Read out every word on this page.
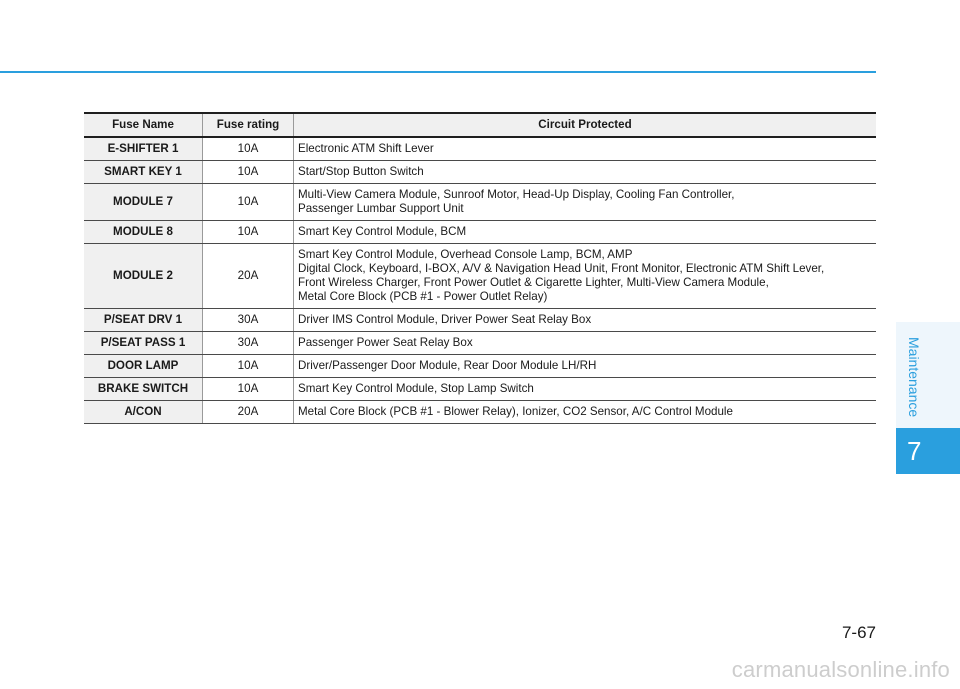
Fuse Name	Fuse rating	Circuit Protected
E-SHIFTER 1	10A	Electronic ATM Shift Lever
SMART KEY 1	10A	Start/Stop Button Switch
MODULE 7	10A	Multi-View Camera Module, Sunroof Motor, Head-Up Display, Cooling Fan Controller,
Passenger Lumbar Support Unit
MODULE 8	10A	Smart Key Control Module, BCM
MODULE 2	20A	Smart Key Control Module, Overhead Console Lamp, BCM, AMP
Digital Clock, Keyboard, I-BOX, A/V & Navigation Head Unit, Front Monitor, Electronic ATM Shift Lever,
Front Wireless Charger, Front Power Outlet & Cigarette Lighter, Multi-View Camera Module,
Metal Core Block (PCB #1 - Power Outlet Relay)
P/SEAT DRV 1	30A	Driver IMS Control Module, Driver Power Seat Relay Box
P/SEAT PASS 1	30A	Passenger Power Seat Relay Box
DOOR LAMP	10A	Driver/Passenger Door Module, Rear Door Module LH/RH
BRAKE SWITCH	10A	Smart Key Control Module, Stop Lamp Switch
A/CON	20A	Metal Core Block (PCB #1 - Blower Relay), Ionizer, CO2 Sensor, A/C Control Module	Maintenance
7
7-67
carmanualsonline.info
